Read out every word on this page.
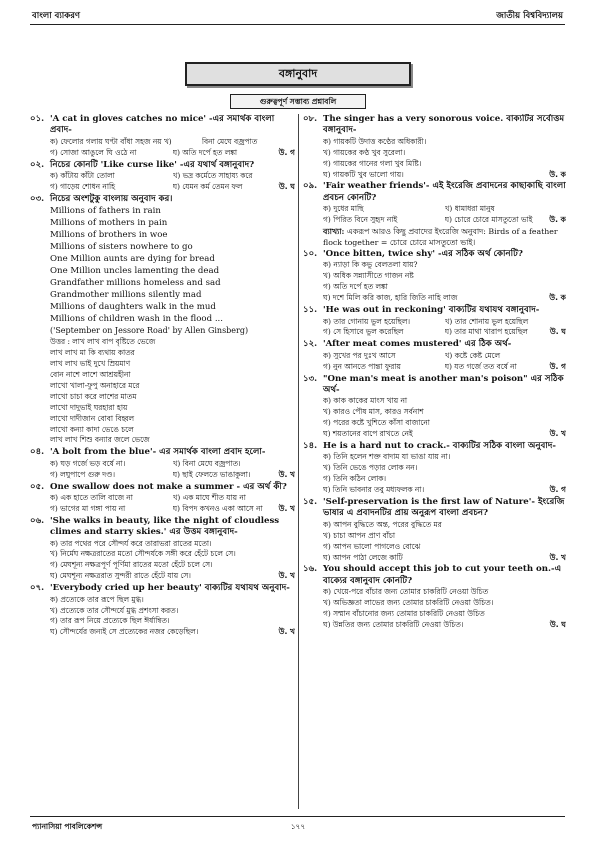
বাংলা ব্যাকরণ	জাতীয় বিশ্ববিদ্যালয়
বঙ্গানুবাদ
গুরুত্বপূর্ণ সম্ভাব্য প্রশ্নাবলি
০১. 'A cat in gloves catches no mice' -এর সমার্থক বাংলা প্রবাদ-
ক) ফেলোর গলায় ঘণ্টা বাঁধা সহজ নয় খ)	বিনা মেঘে বজ্রপাত
গ) সোজা আঙুলে ঘি ওঠে না	ঘ) অতি দর্পে হত লঙ্কা	উ. গ
০২. নিচের কোনটি 'Like curse like' -এর যথার্থ বঙ্গানুবাদ?
ক) কাঁটায় কাঁটা তোলা	খ) ভদ্র কর্মেতে সাহায্য করে
গ) গাড়েয় শোধন নাহি	ঘ) যেমন কর্ম তেমন ফল	উ. ঘ
০৩. নিচের অংশটুকু বাংলায় অনুবাদ কর।
Millions of fathers in rain
Millions of mothers in pain
Millions of brothers in woe
Millions of sisters nowhere to go
One Million aunts are dying for bread
One Million uncles lamenting the dead
Grandfather millions homeless and sad
Grandmother millions silently mad
Millions of daughters walk in the mud
Millions of children wash in the flood ...
('September on Jessore Road' by Allen Ginsberg)
উত্তর : লাখ লাখ বাপ বৃষ্টিতে ভেজে
লাখ লাখ মা কি ব্যথায় কাতর
লাখ লাখ ভাই দুখে ম্রিয়মাণ
বোন নাশে লাশে আশ্রয়হীনা
লাখো খালা-ফুপু অনাহারে মরে
লাখো চাচা করে লাশের মাতম
লাখো দাদুভাই ঘরহারা হায়
লাখো দাদীজান বোবা বিহ্বল
লাখো কন্যা কাদা ভেঙে চলে
লাখ লাখ শিশু বন্যার জলে ভেজে
০৪. 'A bolt from the blue'- এর সমার্থক বাংলা প্রবাদ হলো-
ক) ঘড় গর্জে ভড় বর্ষে না।	খ) বিনা মেঘে বজ্রপাত।
গ) লঘুপাপে গুরু দণ্ড।	ঘ) ছাই ফেলতে ভাঙাকুলা।	উ. খ
০৫. One swallow does not make a summer - এর অর্থ কী?
ক) এক হাতে তালি বাজে না	খ) এক মাঘে শীত যায় না
গ) ভাগের মা গঙ্গা পায় না	ঘ) বিপদ কখনও একা আসে না	উ. খ
০৬. 'She walks in beauty, like the night of cloudless climes and starry skies.' এর উত্তম বঙ্গানুবাদ-
ক) তার পথের পরে সৌন্দর্য করে তারাভরা রাতের মতো।
খ) নির্মেঘ নক্ষত্ররাতের মতো সৌন্দর্যকে সঙ্গী করে হেঁটে চলে সে।
গ) মেঘশূন্য নক্ষত্রপূর্ণ পূর্ণিমা রাতের মতো হেঁটে চলে সে।
ঘ) মেঘশূন্য নক্ষত্ররাত সুন্দরী রাতে হেঁটে যায় সে।	উ. খ
০৭. 'Everybody cried up her beauty' বাক্যটির যথাযথ অনুবাদ-
ক) প্রত্যেকে তার রূপে ছিল মুগ্ধ।
খ) প্রত্যেকে তার সৌন্দর্যে মুগ্ধ প্রশংসা করত।
গ) তার রূপ নিয়ে প্রত্যেকে ছিল ঈর্ষান্বিত।
ঘ) সৌন্দর্যের জন্যই সে প্রত্যেকের নজর কেড়েছিল।	উ. খ
০৮. The singer has a very sonorous voice. বাক্যটির সর্বোত্তম বঙ্গানুবাদ-
ক) গায়কটি উদাত্ত কণ্ঠের অধিকারী।
খ) গায়কের কণ্ঠ খুব সুরেলা।
গ) গায়কের গানের গলা খুব মিষ্টি।
ঘ) গায়কটি খুব ভালো গায়।	উ. ক
০৯. 'Fair weather friends'- এই ইংরেজি প্রবাদনের কাছাকাছি বাংলা প্রবচন কোনটি?
ক) দুধের মাছি	খ) ধামাধরা মানুষ
গ) পিরিত বিনে সুহৃদ নাই	ঘ) চোরে চোরে মাসতুতো ভাই	উ. ক
ব্যাখ্যা: একরূপ আরও কিছু প্রবাদের ইংরেজি অনুবাদ: Birds of a feather flock together = চোরে চোরে মাসতুতো ভাই।
১০. 'Once bitten, twice shy' -এর সঠিক অর্থ কোনটি?
ক) ন্যাড়া কি কভু বেলতলা যায়?
খ) অধিক সন্ন্যাসীতে গাজন নষ্ট
গ) অতি দর্পে হত লঙ্কা
ঘ) দশে মিলি করি কাজ, হারি জিতি নাহি লাজ	উ. ক
১১. 'He was out in reckoning' বাক্যটির যথাযথ বঙ্গানুবাদ-
ক) তার গোনায় ভুল হয়েছিল।	খ) তার শোনায় ভুল হয়েছিল
গ) সে হিসাবে ভুল করেছিল	ঘ) তার মাথা খারাপ হয়েছিল	উ. ঘ
১২. 'After meat comes mustered' এর ঠিক অর্থ-
ক) সুখের পর দুঃখ আসে	খ) কষ্টে কেষ্ট মেলে
গ) নুন আনতে পান্তা ফুরায়	ঘ) যত গর্জে তত বর্ষে না	উ. গ
১৩. "One man's meat is another man's poison" এর সঠিক অর্থ-
ক) কাক কাকের মাংস খায় না
খ) কারও পৌষ মাস, কারও সর্বনাশ
গ) পরের কষ্টে খুশিতে কাঁসা বাজানো
ঘ) শয়তানের বাপে রাখতে নেই	উ. খ
১৪. He is a hard nut to crack.- বাক্যটির সঠিক বাংলা অনুবাদ-
ক) তিনি হলেন শক্ত বাদাম যা ভাঙা যায় না।
খ) তিনি ভেঙে পড়ার লোক নন।
গ) তিনি কঠিন লোক।
ঘ) তিনি ভাবনার তবু মধ্যফলক না।	উ. গ
১৫. 'Self-preservation is the first law of Nature'- ইংরেজি ভাষার এ প্রবাদনটির প্রায় অনুরূপ বাংলা প্রবচন?
ক) আপন বুদ্ধিতে অন্ত, পরের বুদ্ধিতে মর
খ) চাচা আপন প্রাণ বাঁচা
গ) আপন ভালো পাগলেও বোঝে
ঘ) আপন পাঠা লেজে কাটি	উ. খ
১৬. You should accept this job to cut your teeth on.-এ বাক্যের বঙ্গানুবাদ কোনটি?
ক) খেয়ে-পরে বাঁচার জন্য তোমার চাকরিটি নেওয়া উচিত
খ) অভিজ্ঞতা লাভের জন্য তোমার চাকরিটি নেওয়া উচিত।
গ) সম্মান বাঁচানোর জন্য তোমার চাকরিটি নেওয়া উচিত
ঘ) উন্নতির জন্য তোমার চাকরিটি নেওয়া উচিত।	উ. ঘ
প্যানাসিয়া পাবলিকেশন্স	১৭৭
